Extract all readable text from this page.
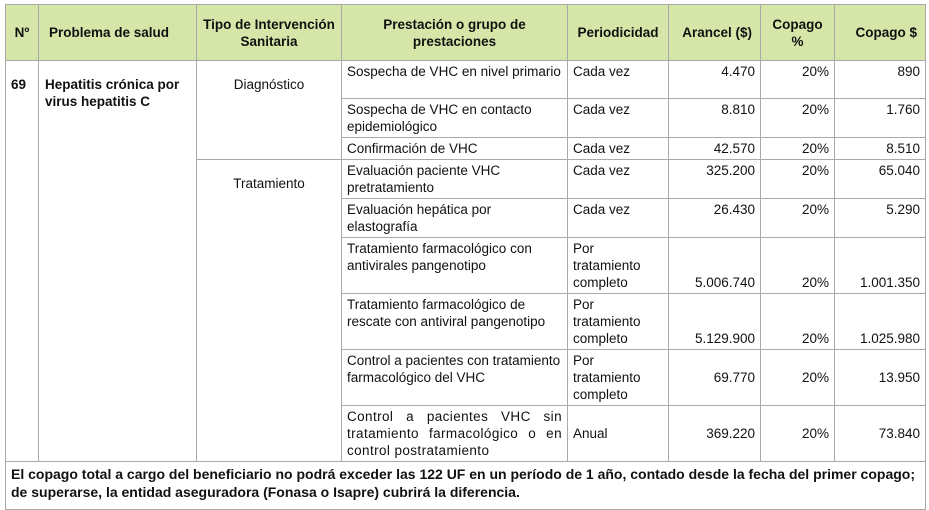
Nº	Problema de salud	Tipo de Intervención Sanitaria	Prestación o grupo de prestaciones	Periodicidad	Arancel ($)	Copago %	Copago $
69	Hepatitis crónica por virus hepatitis C	Diagnóstico	Sospecha de VHC en nivel primario	Cada vez	4.470	20%	890
			Sospecha de VHC en contacto epidemiológico	Cada vez	8.810	20%	1.760
			Confirmación de VHC	Cada vez	42.570	20%	8.510
		Tratamiento	Evaluación paciente VHC pretratamiento	Cada vez	325.200	20%	65.040
			Evaluación hepática por elastografía	Cada vez	26.430	20%	5.290
			Tratamiento farmacológico con antivirales pangenotipo	Por tratamiento completo	5.006.740	20%	1.001.350
			Tratamiento farmacológico de rescate con antiviral pangenotipo	Por tratamiento completo	5.129.900	20%	1.025.980
			Control a pacientes con tratamiento farmacológico del VHC	Por tratamiento completo	69.770	20%	13.950
			Control a pacientes VHC sin tratamiento farmacológico o en control postratamiento	Anual	369.220	20%	73.840
El copago total a cargo del beneficiario no podrá exceder las 122 UF en un período de 1 año, contado desde la fecha del primer copago; de superarse, la entidad aseguradora (Fonasa o Isapre) cubrirá la diferencia.							
